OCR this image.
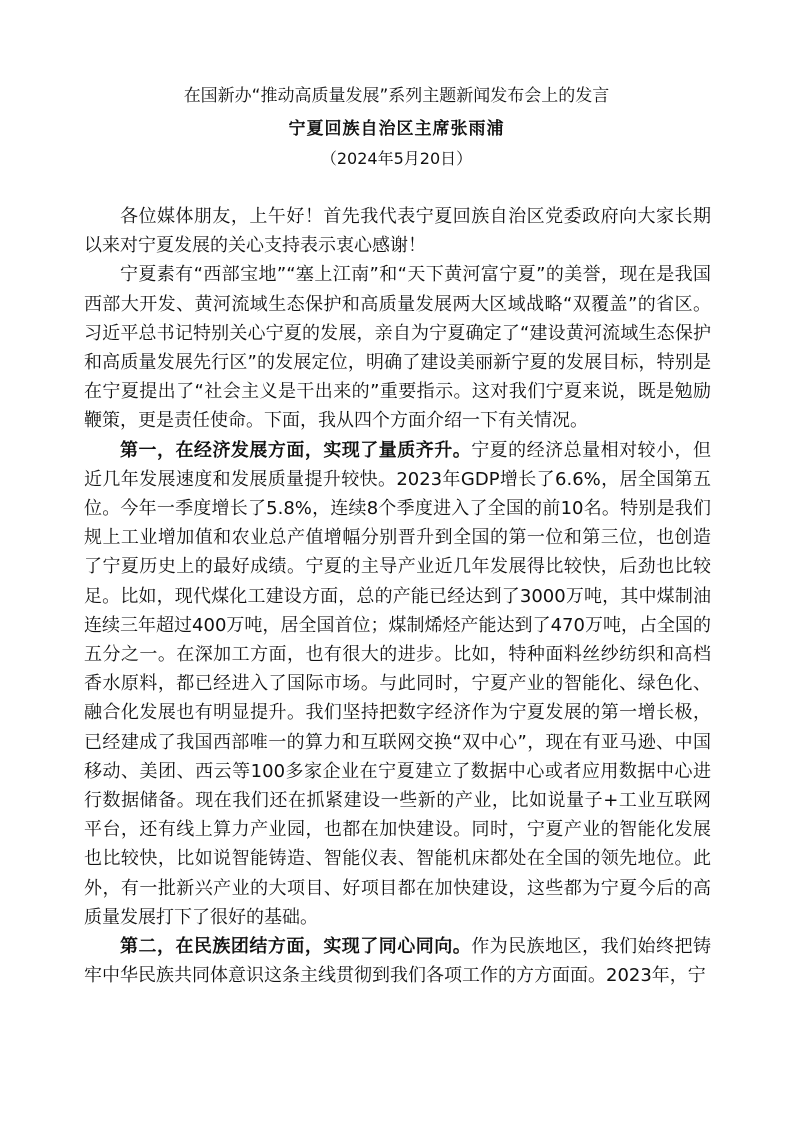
在国新办“推动高质量发展”系列主题新闻发布会上的发言
宁夏回族自治区主席张雨浦
（2024年5月20日）

各位媒体朋友，上午好！首先我代表宁夏回族自治区党委政府向大家长期以来对宁夏发展的关心支持表示衷心感谢！

宁夏素有“西部宝地”“塞上江南”和“天下黄河富宁夏”的美誉，现在是我国西部大开发、黄河流域生态保护和高质量发展两大区域战略“双覆盖”的省区。习近平总书记特别关心宁夏的发展，亲自为宁夏确定了“建设黄河流域生态保护和高质量发展先行区”的发展定位，明确了建设美丽新宁夏的发展目标，特别是在宁夏提出了“社会主义是干出来的”重要指示。这对我们宁夏来说，既是勉励鞭策，更是责任使命。下面，我从四个方面介绍一下有关情况。

第一，在经济发展方面，实现了量质齐升。宁夏的经济总量相对较小，但近几年发展速度和发展质量提升较快。2023年GDP增长了6.6%，居全国第五位。今年一季度增长了5.8%，连续8个季度进入了全国的前10名。特别是我们规上工业增加值和农业总产值增幅分别晋升到全国的第一位和第三位，也创造了宁夏历史上的最好成绩。宁夏的主导产业近几年发展得比较快，后劲也比较足。比如，现代煤化工建设方面，总的产能已经达到了3000万吨，其中煤制油连续三年超过400万吨，居全国首位；煤制烯烃产能达到了470万吨，占全国的五分之一。在深加工方面，也有很大的进步。比如，特种面料丝纱纺织和高档香水原料，都已经进入了国际市场。与此同时，宁夏产业的智能化、绿色化、融合化发展也有明显提升。我们坚持把数字经济作为宁夏发展的第一增长极，已经建成了我国西部唯一的算力和互联网交换“双中心”，现在有亚马逊、中国移动、美团、西云等100多家企业在宁夏建立了数据中心或者应用数据中心进行数据储备。现在我们还在抓紧建设一些新的产业，比如说量子+工业互联网平台，还有线上算力产业园，也都在加快建设。同时，宁夏产业的智能化发展也比较快，比如说智能铸造、智能仪表、智能机床都处在全国的领先地位。此外，有一批新兴产业的大项目、好项目都在加快建设，这些都为宁夏今后的高质量发展打下了很好的基础。

第二，在民族团结方面，实现了同心同向。作为民族地区，我们始终把铸牢中华民族共同体意识这条主线贯彻到我们各项工作的方方面面。2023年，宁
